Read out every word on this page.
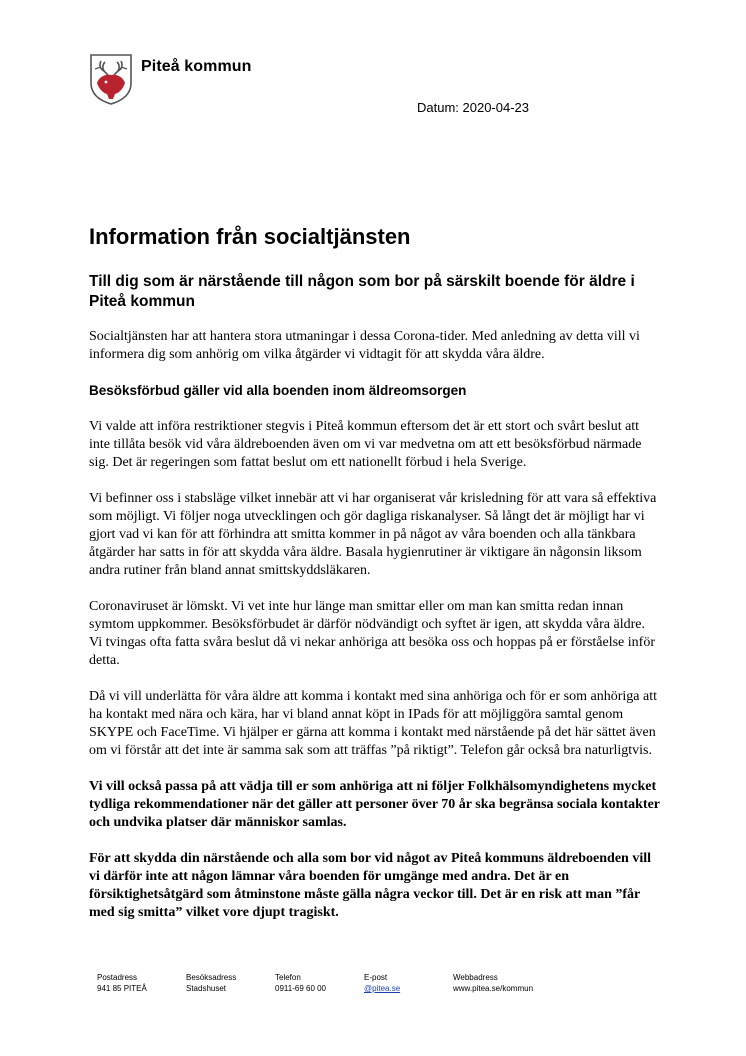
Piteå kommun
Datum: 2020-04-23
Information från socialtjänsten
Till dig som är närstående till någon som bor på särskilt boende för äldre i Piteå kommun

Socialtjänsten har att hantera stora utmaningar i dessa Corona-tider. Med anledning av detta vill vi informera dig som anhörig om vilka åtgärder vi vidtagit för att skydda våra äldre.

Besöksförbud gäller vid alla boenden inom äldreomsorgen

Vi valde att införa restriktioner stegvis i Piteå kommun eftersom det är ett stort och svårt beslut att inte tillåta besök vid våra äldreboenden även om vi var medvetna om att ett besöksförbud närmade sig. Det är regeringen som fattat beslut om ett nationellt förbud i hela Sverige.

Vi befinner oss i stabsläge vilket innebär att vi har organiserat vår krisledning för att vara så effektiva som möjligt. Vi följer noga utvecklingen och gör dagliga riskanalyser. Så långt det är möjligt har vi gjort vad vi kan för att förhindra att smitta kommer in på något av våra boenden och alla tänkbara åtgärder har satts in för att skydda våra äldre. Basala hygienrutiner är viktigare än någonsin liksom andra rutiner från bland annat smittskyddsläkaren.

Coronaviruset är lömskt. Vi vet inte hur länge man smittar eller om man kan smitta redan innan symtom uppkommer. Besöksförbudet är därför nödvändigt och syftet är igen, att skydda våra äldre. Vi tvingas ofta fatta svåra beslut då vi nekar anhöriga att besöka oss och hoppas på er förståelse inför detta.

Då vi vill underlätta för våra äldre att komma i kontakt med sina anhöriga och för er som anhöriga att ha kontakt med nära och kära, har vi bland annat köpt in IPads för att möjliggöra samtal genom SKYPE och FaceTime. Vi hjälper er gärna att komma i kontakt med närstående på det här sättet även om vi förstår att det inte är samma sak som att träffas ”på riktigt”. Telefon går också bra naturligtvis.

Vi vill också passa på att vädja till er som anhöriga att ni följer Folkhälsomyndighetens mycket tydliga rekommendationer när det gäller att personer över 70 år ska begränsa sociala kontakter och undvika platser där människor samlas.

För att skydda din närstående och alla som bor vid något av Piteå kommuns äldreboenden vill vi därför inte att någon lämnar våra boenden för umgänge med andra. Det är en försiktighetsåtgärd som åtminstone måste gälla några veckor till. Det är en risk att man ”får med sig smitta” vilket vore djupt tragiskt.

Postadress
941 85 PITEÅ
Besöksadress
Stadshuset
Telefon
0911-69 60 00
E-post
@pitea.se
Webbadress
www.pitea.se/kommun
